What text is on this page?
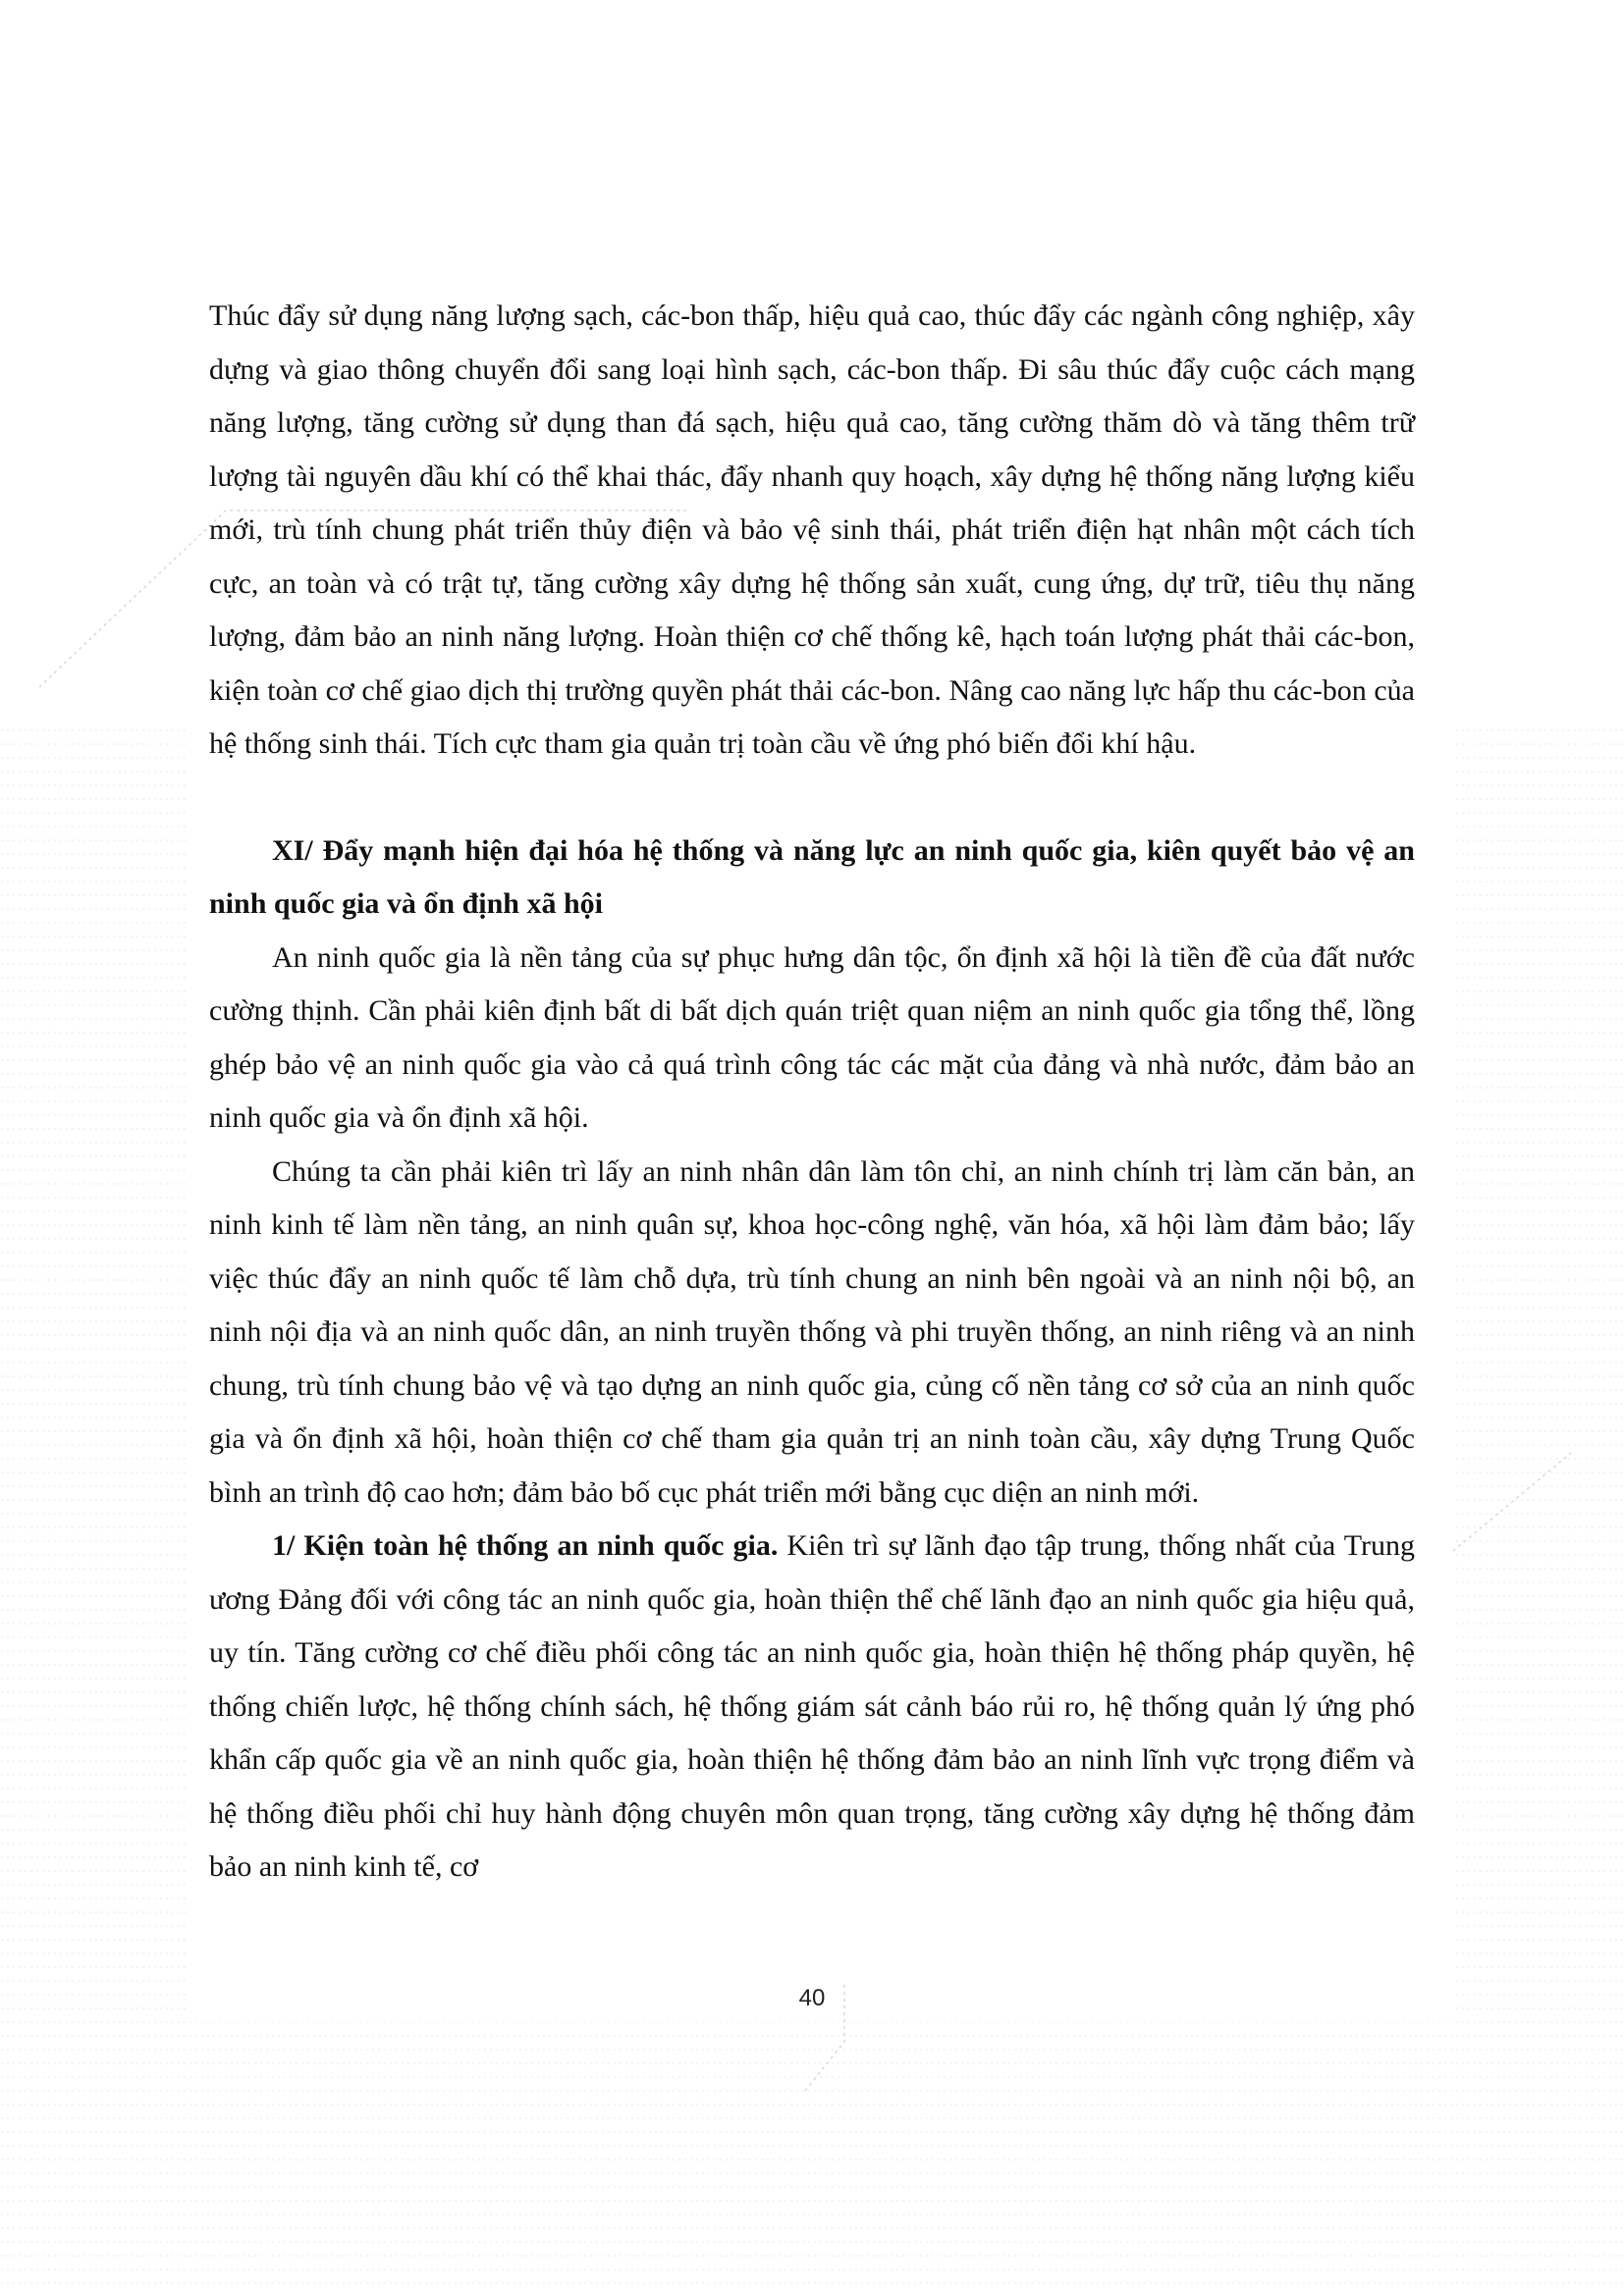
Thúc đẩy sử dụng năng lượng sạch, các-bon thấp, hiệu quả cao, thúc đẩy các ngành công nghiệp, xây dựng và giao thông chuyển đổi sang loại hình sạch, các-bon thấp. Đi sâu thúc đẩy cuộc cách mạng năng lượng, tăng cường sử dụng than đá sạch, hiệu quả cao, tăng cường thăm dò và tăng thêm trữ lượng tài nguyên dầu khí có thể khai thác, đẩy nhanh quy hoạch, xây dựng hệ thống năng lượng kiểu mới, trù tính chung phát triển thủy điện và bảo vệ sinh thái, phát triển điện hạt nhân một cách tích cực, an toàn và có trật tự, tăng cường xây dựng hệ thống sản xuất, cung ứng, dự trữ, tiêu thụ năng lượng, đảm bảo an ninh năng lượng. Hoàn thiện cơ chế thống kê, hạch toán lượng phát thải các-bon, kiện toàn cơ chế giao dịch thị trường quyền phát thải các-bon. Nâng cao năng lực hấp thu các-bon của hệ thống sinh thái. Tích cực tham gia quản trị toàn cầu về ứng phó biến đổi khí hậu.

XI/ Đẩy mạnh hiện đại hóa hệ thống và năng lực an ninh quốc gia, kiên quyết bảo vệ an ninh quốc gia và ổn định xã hội

An ninh quốc gia là nền tảng của sự phục hưng dân tộc, ổn định xã hội là tiền đề của đất nước cường thịnh. Cần phải kiên định bất di bất dịch quán triệt quan niệm an ninh quốc gia tổng thể, lồng ghép bảo vệ an ninh quốc gia vào cả quá trình công tác các mặt của đảng và nhà nước, đảm bảo an ninh quốc gia và ổn định xã hội.

Chúng ta cần phải kiên trì lấy an ninh nhân dân làm tôn chỉ, an ninh chính trị làm căn bản, an ninh kinh tế làm nền tảng, an ninh quân sự, khoa học-công nghệ, văn hóa, xã hội làm đảm bảo; lấy việc thúc đẩy an ninh quốc tế làm chỗ dựa, trù tính chung an ninh bên ngoài và an ninh nội bộ, an ninh nội địa và an ninh quốc dân, an ninh truyền thống và phi truyền thống, an ninh riêng và an ninh chung, trù tính chung bảo vệ và tạo dựng an ninh quốc gia, củng cố nền tảng cơ sở của an ninh quốc gia và ổn định xã hội, hoàn thiện cơ chế tham gia quản trị an ninh toàn cầu, xây dựng Trung Quốc bình an trình độ cao hơn; đảm bảo bố cục phát triển mới bằng cục diện an ninh mới.

1/ Kiện toàn hệ thống an ninh quốc gia. Kiên trì sự lãnh đạo tập trung, thống nhất của Trung ương Đảng đối với công tác an ninh quốc gia, hoàn thiện thể chế lãnh đạo an ninh quốc gia hiệu quả, uy tín. Tăng cường cơ chế điều phối công tác an ninh quốc gia, hoàn thiện hệ thống pháp quyền, hệ thống chiến lược, hệ thống chính sách, hệ thống giám sát cảnh báo rủi ro, hệ thống quản lý ứng phó khẩn cấp quốc gia về an ninh quốc gia, hoàn thiện hệ thống đảm bảo an ninh lĩnh vực trọng điểm và hệ thống điều phối chỉ huy hành động chuyên môn quan trọng, tăng cường xây dựng hệ thống đảm bảo an ninh kinh tế, cơ

40
